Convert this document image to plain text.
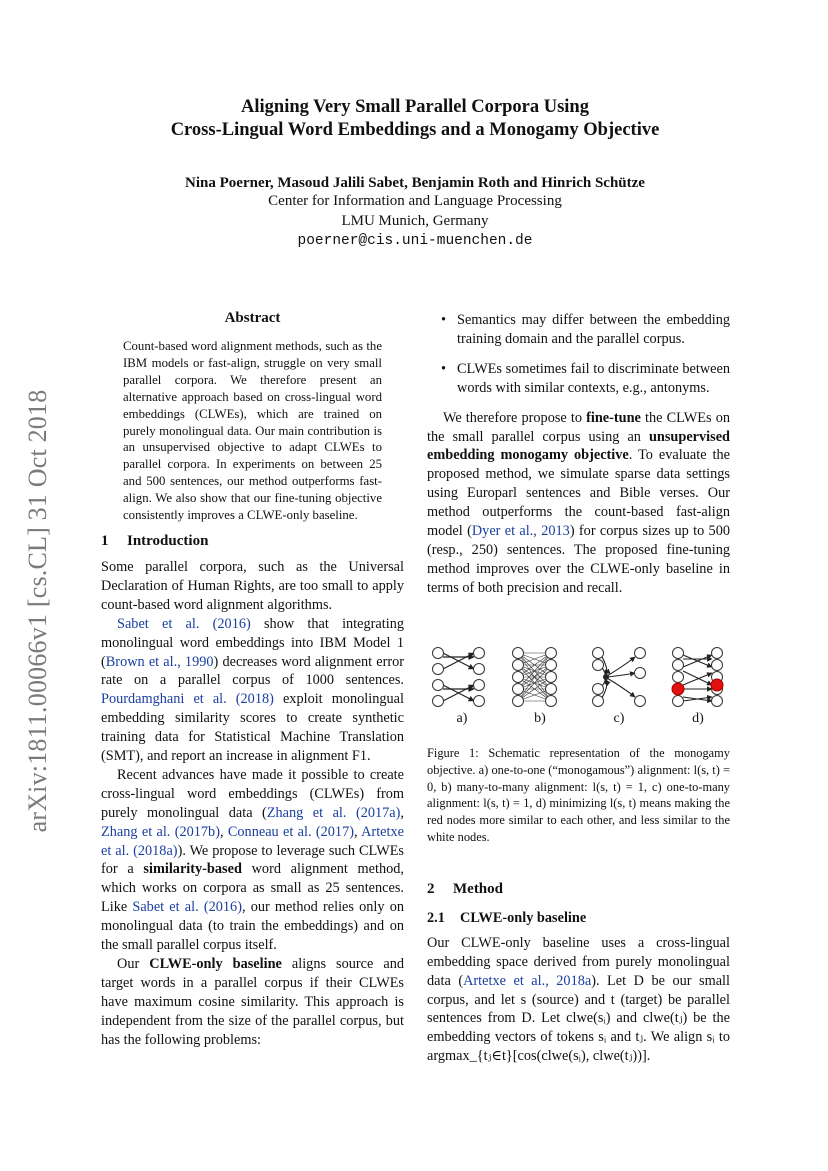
arXiv:1811.00066v1 [cs.CL] 31 Oct 2018
Aligning Very Small Parallel Corpora Using
Cross-Lingual Word Embeddings and a Monogamy Objective
Nina Poerner, Masoud Jalili Sabet, Benjamin Roth and Hinrich Schütze
Center for Information and Language Processing
LMU Munich, Germany
poerner@cis.uni-muenchen.de
Abstract
Count-based word alignment methods, such as the IBM models or fast-align, struggle on very small parallel corpora. We therefore present an alternative approach based on cross-lingual word embeddings (CLWEs), which are trained on purely monolingual data. Our main contribution is an unsupervised objective to adapt CLWEs to parallel corpora. In experiments on between 25 and 500 sentences, our method outperforms fast-align. We also show that our fine-tuning objective consistently improves a CLWE-only baseline.
1 Introduction

Some parallel corpora, such as the Universal Declaration of Human Rights, are too small to apply count-based word alignment algorithms.

Sabet et al. (2016) show that integrating monolingual word embeddings into IBM Model 1 (Brown et al., 1990) decreases word alignment error rate on a parallel corpus of 1000 sentences. Pourdamghani et al. (2018) exploit monolingual embedding similarity scores to create synthetic training data for Statistical Machine Translation (SMT), and report an increase in alignment F1.

Recent advances have made it possible to create cross-lingual word embeddings (CLWEs) from purely monolingual data (Zhang et al. (2017a), Zhang et al. (2017b), Conneau et al. (2017), Artetxe et al. (2018a)). We propose to leverage such CLWEs for a similarity-based word alignment method, which works on corpora as small as 25 sentences. Like Sabet et al. (2016), our method relies only on monolingual data (to train the embeddings) and on the small parallel corpus itself.

Our CLWE-only baseline aligns source and target words in a parallel corpus if their CLWEs have maximum cosine similarity. This approach is independent from the size of the parallel corpus, but has the following problems:

• Semantics may differ between the embedding training domain and the parallel corpus.
• CLWEs sometimes fail to discriminate between words with similar contexts, e.g., antonyms.

We therefore propose to fine-tune the CLWEs on the small parallel corpus using an unsupervised embedding monogamy objective. To evaluate the proposed method, we simulate sparse data settings using Europarl sentences and Bible verses. Our method outperforms the count-based fast-align model (Dyer et al., 2013) for corpus sizes up to 500 (resp., 250) sentences. The proposed fine-tuning method improves over the CLWE-only baseline in terms of both precision and recall.

a)	b)	c)	d)
Figure 1: Schematic representation of the monogamy objective. a) one-to-one (“monogamous”) alignment: l(s, t) = 0, b) many-to-many alignment: l(s, t) = 1, c) one-to-many alignment: l(s, t) = 1, d) minimizing l(s, t) means making the red nodes more similar to each other, and less similar to the white nodes.
2 Method
2.1 CLWE-only baseline

Our CLWE-only baseline uses a cross-lingual embedding space derived from purely monolingual data (Artetxe et al., 2018a). Let D be our small corpus, and let s (source) and t (target) be parallel sentences from D. Let clwe(sᵢ) and clwe(tⱼ) be the embedding vectors of tokens sᵢ and tⱼ. We align sᵢ to argmax_{tⱼ∈t}[cos(clwe(sᵢ), clwe(tⱼ))].
